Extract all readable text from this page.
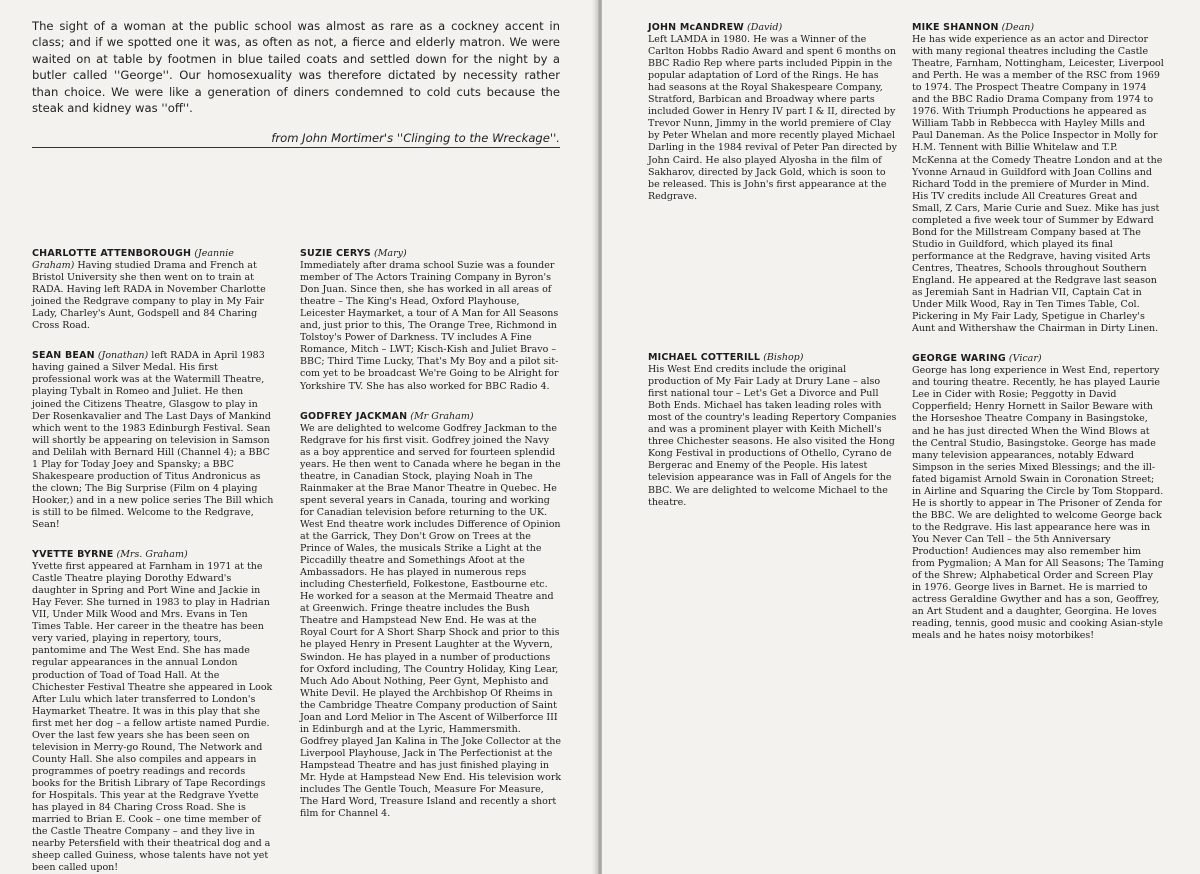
The sight of a woman at the public school was almost as rare as a cockney accent in class; and if we spotted one it was, as often as not, a fierce and elderly matron. We were waited on at table by footmen in blue tailed coats and settled down for the night by a butler called ''George''. Our homosexuality was therefore dictated by necessity rather than choice. We were like a generation of diners condemned to cold cuts because the steak and kidney was ''off''.

from John Mortimer's ''Clinging to the Wreckage''.

CHARLOTTE ATTENBOROUGH (Jeannie Graham) Having studied Drama and French at Bristol University she then went on to train at RADA. Having left RADA in November Charlotte joined the Redgrave company to play in My Fair Lady, Charley's Aunt, Godspell and 84 Charing Cross Road.

SEAN BEAN (Jonathan) left RADA in April 1983 having gained a Silver Medal. His first professional work was at the Watermill Theatre, playing Tybalt in Romeo and Juliet. He then joined the Citizens Theatre, Glasgow to play in Der Rosenkavalier and The Last Days of Mankind which went to the 1983 Edinburgh Festival. Sean will shortly be appearing on television in Samson and Delilah with Bernard Hill (Channel 4); a BBC 1 Play for Today Joey and Spansky; a BBC Shakespeare production of Titus Andronicus as the clown; The Big Surprise (Film on 4 playing Hooker,) and in a new police series The Bill which is still to be filmed. Welcome to the Redgrave, Sean!

YVETTE BYRNE (Mrs. Graham)

Yvette first appeared at Farnham in 1971 at the Castle Theatre playing Dorothy Edward's daughter in Spring and Port Wine and Jackie in Hay Fever. She turned in 1983 to play in Hadrian VII, Under Milk Wood and Mrs. Evans in Ten Times Table. Her career in the theatre has been very varied, playing in repertory, tours, pantomime and The West End. She has made regular appearances in the annual London production of Toad of Toad Hall. At the Chichester Festival Theatre she appeared in Look After Lulu which later transferred to London's Haymarket Theatre. It was in this play that she first met her dog – a fellow artiste named Purdie. Over the last few years she has been seen on television in Merry-go Round, The Network and County Hall. She also compiles and appears in programmes of poetry readings and records books for the British Library of Tape Recordings for Hospitals. This year at the Redgrave Yvette has played in 84 Charing Cross Road. She is married to Brian E. Cook – one time member of the Castle Theatre Company – and they live in nearby Petersfield with their theatrical dog and a sheep called Guiness, whose talents have not yet been called upon!

SUZIE CERYS (Mary)

Immediately after drama school Suzie was a founder member of The Actors Training Company in Byron's Don Juan. Since then, she has worked in all areas of theatre – The King's Head, Oxford Playhouse, Leicester Haymarket, a tour of A Man for All Seasons and, just prior to this, The Orange Tree, Richmond in Tolstoy's Power of Darkness. TV includes A Fine Romance, Mitch – LWT; Kisch-Kish and Juliet Bravo – BBC; Third Time Lucky, That's My Boy and a pilot sit-com yet to be broadcast We're Going to be Alright for Yorkshire TV. She has also worked for BBC Radio 4.

GODFREY JACKMAN (Mr Graham)

We are delighted to welcome Godfrey Jackman to the Redgrave for his first visit. Godfrey joined the Navy as a boy apprentice and served for fourteen splendid years. He then went to Canada where he began in the theatre, in Canadian Stock, playing Noah in The Rainmaker at the Brae Manor Theatre in Quebec. He spent several years in Canada, touring and working for Canadian television before returning to the UK. West End theatre work includes Difference of Opinion at the Garrick, They Don't Grow on Trees at the Prince of Wales, the musicals Strike a Light at the Piccadilly theatre and Somethings Afoot at the Ambassadors. He has played in numerous reps including Chesterfield, Folkestone, Eastbourne etc. He worked for a season at the Mermaid Theatre and at Greenwich. Fringe theatre includes the Bush Theatre and Hampstead New End. He was at the Royal Court for A Short Sharp Shock and prior to this he played Henry in Present Laughter at the Wyvern, Swindon. He has played in a number of productions for Oxford including, The Country Holiday, King Lear, Much Ado About Nothing, Peer Gynt, Mephisto and White Devil. He played the Archbishop Of Rheims in the Cambridge Theatre Company production of Saint Joan and Lord Melior in The Ascent of Wilberforce III in Edinburgh and at the Lyric, Hammersmith. Godfrey played Jan Kalina in The Joke Collector at the Liverpool Playhouse, Jack in The Perfectionist at the Hampstead Theatre and has just finished playing in Mr. Hyde at Hampstead New End. His television work includes The Gentle Touch, Measure For Measure, The Hard Word, Treasure Island and recently a short film for Channel 4.

JOHN McANDREW (David)

Left LAMDA in 1980. He was a Winner of the Carlton Hobbs Radio Award and spent 6 months on BBC Radio Rep where parts included Pippin in the popular adaptation of Lord of the Rings. He has had seasons at the Royal Shakespeare Company, Stratford, Barbican and Broadway where parts included Gower in Henry IV part I & II, directed by Trevor Nunn, Jimmy in the world premiere of Clay by Peter Whelan and more recently played Michael Darling in the 1984 revival of Peter Pan directed by John Caird. He also played Alyosha in the film of Sakharov, directed by Jack Gold, which is soon to be released. This is John's first appearance at the Redgrave.

MICHAEL COTTERILL (Bishop)

His West End credits include the original production of My Fair Lady at Drury Lane – also first national tour – Let's Get a Divorce and Pull Both Ends. Michael has taken leading roles with most of the country's leading Repertory Companies and was a prominent player with Keith Michell's three Chichester seasons. He also visited the Hong Kong Festival in productions of Othello, Cyrano de Bergerac and Enemy of the People. His latest television appearance was in Fall of Angels for the BBC. We are delighted to welcome Michael to the theatre.

MIKE SHANNON (Dean)

He has wide experience as an actor and Director with many regional theatres including the Castle Theatre, Farnham, Nottingham, Leicester, Liverpool and Perth. He was a member of the RSC from 1969 to 1974. The Prospect Theatre Company in 1974 and the BBC Radio Drama Company from 1974 to 1976. With Triumph Productions he appeared as William Tabb in Rebbecca with Hayley Mills and Paul Daneman. As the Police Inspector in Molly for H.M. Tennent with Billie Whitelaw and T.P. McKenna at the Comedy Theatre London and at the Yvonne Arnaud in Guildford with Joan Collins and Richard Todd in the premiere of Murder in Mind. His TV credits include All Creatures Great and Small, Z Cars, Marie Curie and Suez. Mike has just completed a five week tour of Summer by Edward Bond for the Millstream Company based at The Studio in Guildford, which played its final performance at the Redgrave, having visited Arts Centres, Theatres, Schools throughout Southern England. He appeared at the Redgrave last season as Jeremiah Sant in Hadrian VII, Captain Cat in Under Milk Wood, Ray in Ten Times Table, Col. Pickering in My Fair Lady, Spetigue in Charley's Aunt and Withershaw the Chairman in Dirty Linen.

GEORGE WARING (Vicar)

George has long experience in West End, repertory and touring theatre. Recently, he has played Laurie Lee in Cider with Rosie; Peggotty in David Copperfield; Henry Hornett in Sailor Beware with the Horseshoe Theatre Company in Basingstoke, and he has just directed When the Wind Blows at the Central Studio, Basingstoke. George has made many television appearances, notably Edward Simpson in the series Mixed Blessings; and the ill-fated bigamist Arnold Swain in Coronation Street; in Airline and Squaring the Circle by Tom Stoppard. He is shortly to appear in The Prisoner of Zenda for the BBC. We are delighted to welcome George back to the Redgrave. His last appearance here was in You Never Can Tell – the 5th Anniversary Production! Audiences may also remember him from Pygmalion; A Man for All Seasons; The Taming of the Shrew; Alphabetical Order and Screen Play in 1976. George lives in Barnet. He is married to actress Geraldine Gwyther and has a son, Geoffrey, an Art Student and a daughter, Georgina. He loves reading, tennis, good music and cooking Asian-style meals and he hates noisy motorbikes!
